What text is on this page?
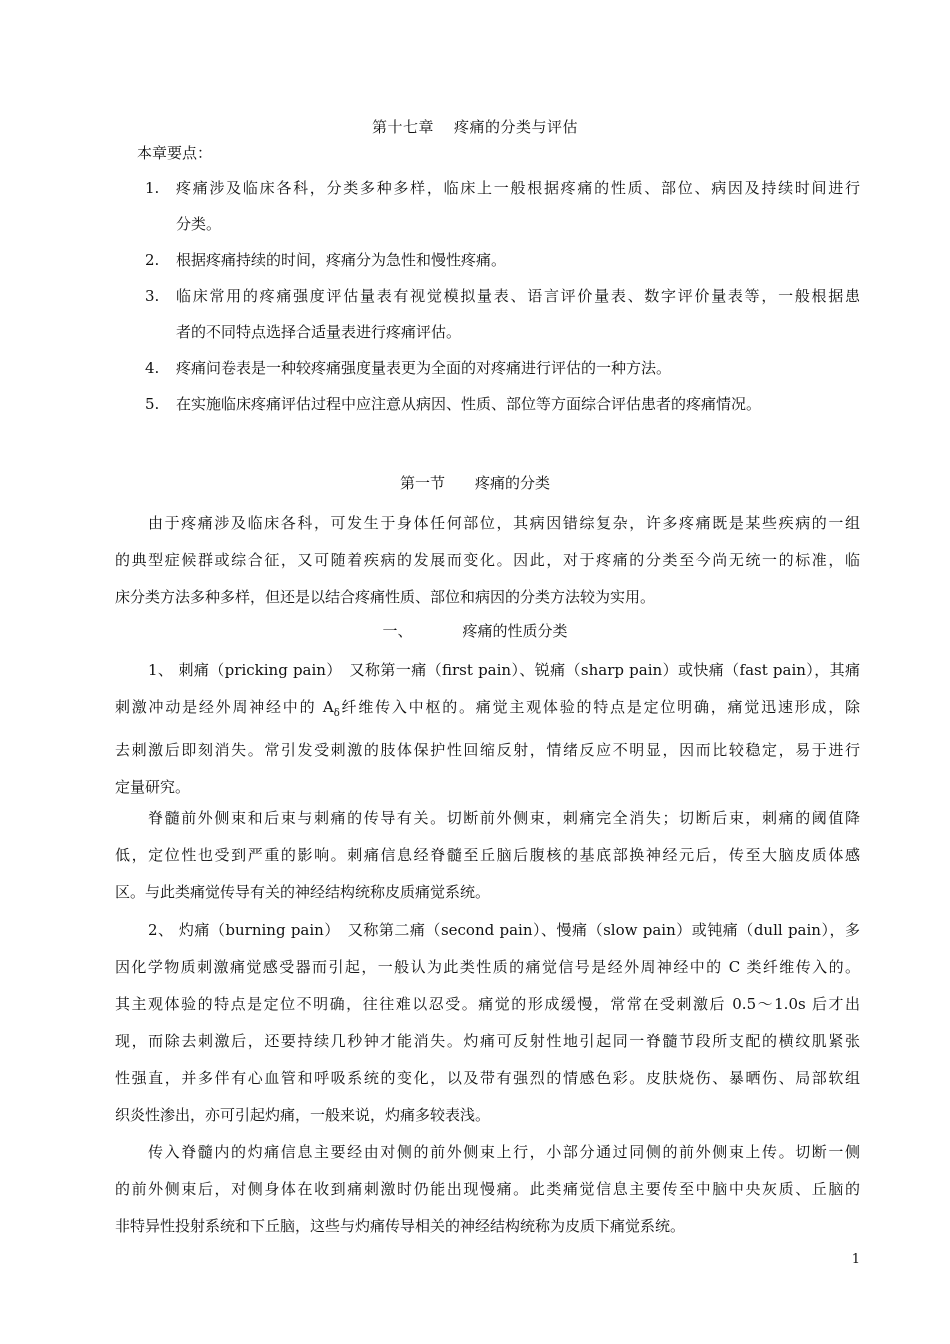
第十七章 疼痛的分类与评估
本章要点：
1. 疼痛涉及临床各科，分类多种多样，临床上一般根据疼痛的性质、部位、病因及持续时间进行
分类。
2. 根据疼痛持续的时间，疼痛分为急性和慢性疼痛。
3. 临床常用的疼痛强度评估量表有视觉模拟量表、语言评价量表、数字评价量表等，一般根据患
者的不同特点选择合适量表进行疼痛评估。
4. 疼痛问卷表是一种较疼痛强度量表更为全面的对疼痛进行评估的一种方法。
5. 在实施临床疼痛评估过程中应注意从病因、性质、部位等方面综合评估患者的疼痛情况。
第一节 疼痛的分类
由于疼痛涉及临床各科，可发生于身体任何部位，其病因错综复杂，许多疼痛既是某些疾病的一组
的典型症候群或综合征，又可随着疾病的发展而变化。因此，对于疼痛的分类至今尚无统一的标准，临
床分类方法多种多样，但还是以结合疼痛性质、部位和病因的分类方法较为实用。
一、	疼痛的性质分类
1、 刺痛（pricking pain）　又称第一痛（first pain）、锐痛（sharp pain）或快痛（fast pain），其痛
刺激冲动是经外周神经中的 $A_\delta$纤维传入中枢的。痛觉主观体验的特点是定位明确，痛觉迅速形成，除
去刺激后即刻消失。常引发受刺激的肢体保护性回缩反射，情绪反应不明显，因而比较稳定，易于进行
定量研究。
脊髓前外侧束和后束与刺痛的传导有关。切断前外侧束，刺痛完全消失；切断后束，刺痛的阈值降
低，定位性也受到严重的影响。刺痛信息经脊髓至丘脑后腹核的基底部换神经元后，传至大脑皮质体感
区。与此类痛觉传导有关的神经结构统称皮质痛觉系统。
2、 灼痛（burning pain）　又称第二痛（second pain）、慢痛（slow pain）或钝痛（dull pain），多
因化学物质刺激痛觉感受器而引起，一般认为此类性质的痛觉信号是经外周神经中的 C 类纤维传入的。
其主观体验的特点是定位不明确，往往难以忍受。痛觉的形成缓慢，常常在受刺激后 0.5～1.0s 后才出
现，而除去刺激后，还要持续几秒钟才能消失。灼痛可反射性地引起同一脊髓节段所支配的横纹肌紧张
性强直，并多伴有心血管和呼吸系统的变化，以及带有强烈的情感色彩。皮肤烧伤、暴晒伤、局部软组
织炎性渗出，亦可引起灼痛，一般来说，灼痛多较表浅。
传入脊髓内的灼痛信息主要经由对侧的前外侧束上行，小部分通过同侧的前外侧束上传。切断一侧
的前外侧束后，对侧身体在收到痛刺激时仍能出现慢痛。此类痛觉信息主要传至中脑中央灰质、丘脑的
非特异性投射系统和下丘脑，这些与灼痛传导相关的神经结构统称为皮质下痛觉系统。
1
